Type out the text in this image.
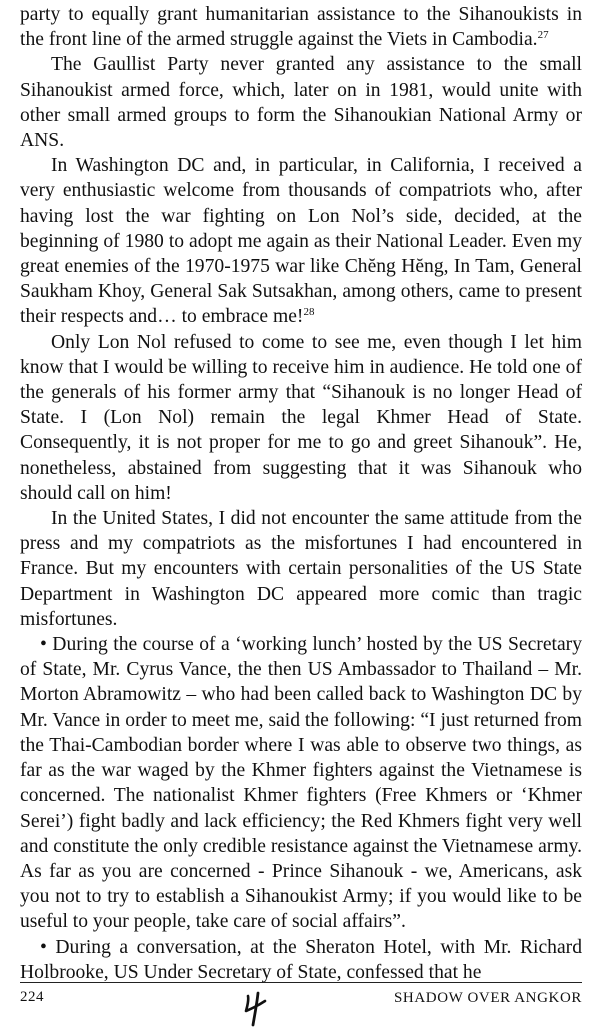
party to equally grant humanitarian assistance to the Sihanoukists in the front line of the armed struggle against the Viets in Cambodia.$^{27}$

The Gaullist Party never granted any assistance to the small Sihanoukist armed force, which, later on in 1981, would unite with other small armed groups to form the Sihanoukian National Army or ANS.

In Washington DC and, in particular, in California, I received a very enthusiastic welcome from thousands of compatriots who, after having lost the war fighting on Lon Nol’s side, decided, at the beginning of 1980 to adopt me again as their National Leader. Even my great enemies of the 1970-1975 war like Chĕng Hĕng, In Tam, General Saukham Khoy, General Sak Sutsakhan, among others, came to present their respects and… to embrace me!$^{28}$

Only Lon Nol refused to come to see me, even though I let him know that I would be willing to receive him in audience. He told one of the generals of his former army that “Sihanouk is no longer Head of State. I (Lon Nol) remain the legal Khmer Head of State. Consequently, it is not proper for me to go and greet Sihanouk”. He, nonetheless, abstained from suggesting that it was Sihanouk who should call on him!

In the United States, I did not encounter the same attitude from the press and my compatriots as the misfortunes I had encountered in France. But my encounters with certain personalities of the US State Department in Washington DC appeared more comic than tragic misfortunes.

• During the course of a ‘working lunch’ hosted by the US Secretary of State, Mr. Cyrus Vance, the then US Ambassador to Thailand – Mr. Morton Abramowitz – who had been called back to Washington DC by Mr. Vance in order to meet me, said the following: “I just returned from the Thai-Cambodian border where I was able to observe two things, as far as the war waged by the Khmer fighters against the Vietnamese is concerned. The nationalist Khmer fighters (Free Khmers or ‘Khmer Serei’) fight badly and lack efficiency; the Red Khmers fight very well and constitute the only credible resistance against the Vietnamese army. As far as you are concerned - Prince Sihanouk - we, Americans, ask you not to try to establish a Sihanoukist Army; if you would like to be useful to your people, take care of social affairs”.

• During a conversation, at the Sheraton Hotel, with Mr. Richard Holbrooke, US Under Secretary of State, confessed that he

224	SHADOW OVER ANGKOR
